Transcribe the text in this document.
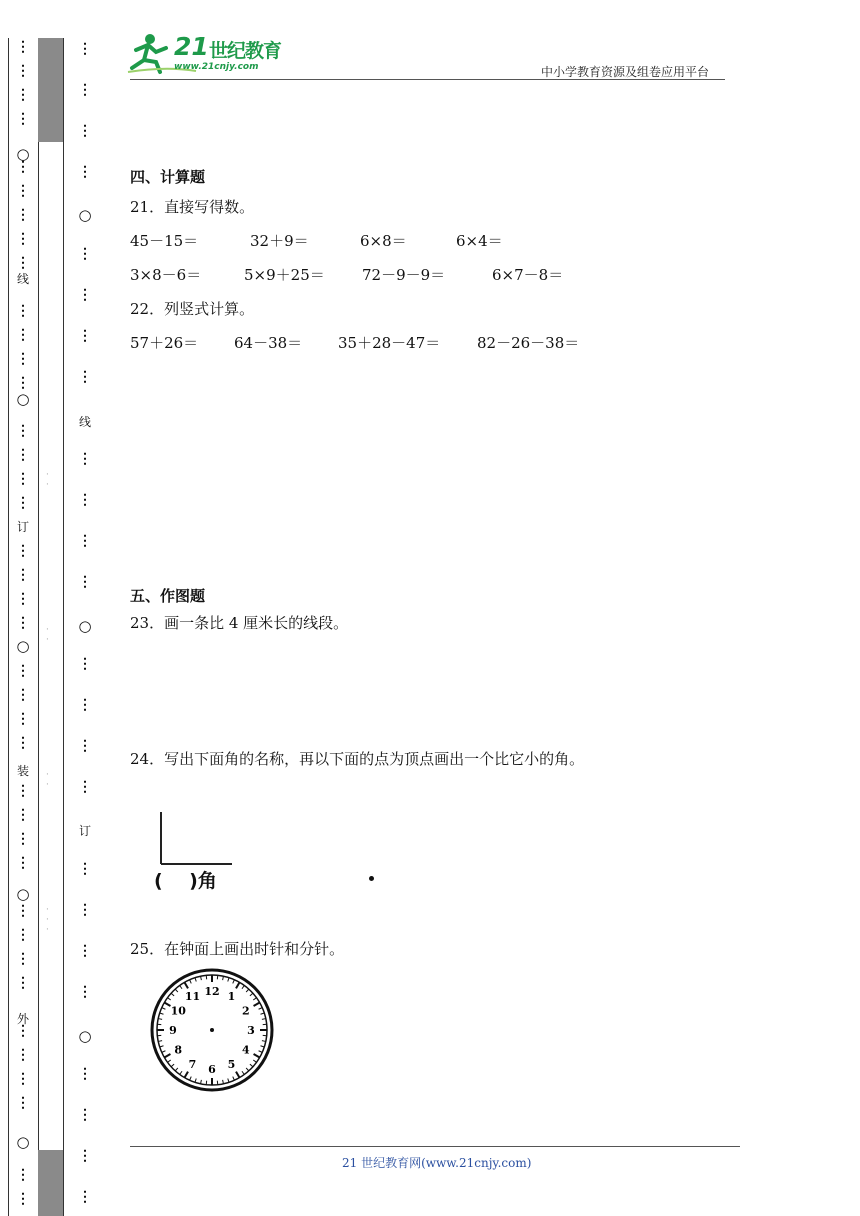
·
·
·
·
·
·
·
·
·
21 世纪教育
www.21cnjy.com	中小学教育资源及组卷应用平台
四、计算题
21．直接写得数。
45－15＝	32＋9＝	6×8＝	6×4＝
3×8－6＝	5×9＋25＝ 72－9－9＝	6×7－8＝
22．列竖式计算。
57＋26＝ 64－38＝ 35＋28－47＝ 82－26－38＝
五、作图题
23．画一条比 4 厘米长的线段。
24．写出下面角的名称，再以下面的点为顶点画出一个比它小的角。
(    )角
25．在钟面上画出时针和分针。
12 1
2
3
4
5
6
7
8
9
10
11
21 世纪教育网(www.21cnjy.com)
⋮
⋮
⋮
⋮
⋮
⋮
⋮
⋮
⋮
⋮
⋮
⋮
⋮
⋮
⋮
⋮
⋮
⋮
⋮
⋮
⋮
⋮
⋮
⋮
⋮
⋮
⋮
⋮
⋮
⋮
⋮
⋮
⋮
⋮
⋮
⋮
⋮
⋮
⋮
○
○
○
○
○
线
订
装
外
⋮
⋮
⋮
⋮
⋮
⋮
⋮
⋮
⋮
⋮
⋮
⋮
⋮
⋮
⋮
⋮
⋮
⋮
⋮
⋮
⋮
⋮
⋮
⋮
○
○
○
线
订
